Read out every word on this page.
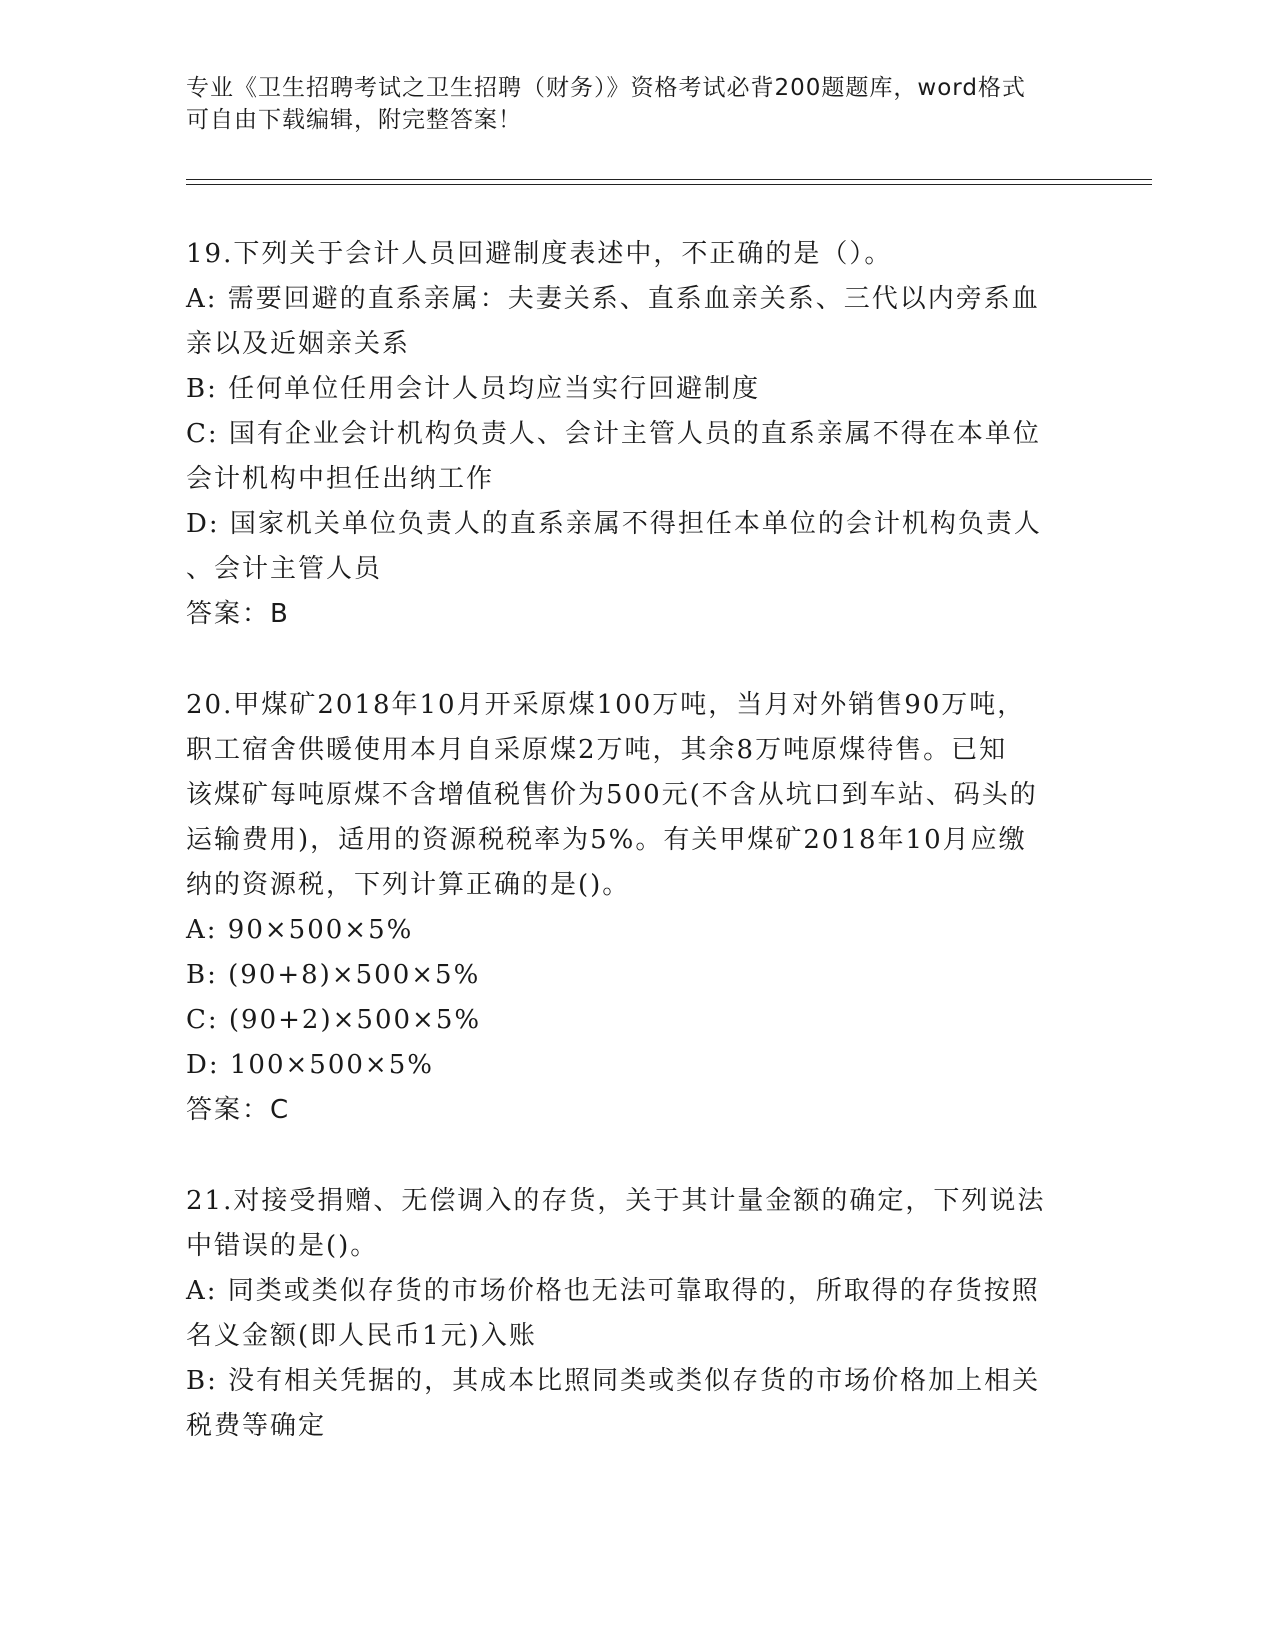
专业《卫生招聘考试之卫生招聘（财务）》资格考试必背200题题库，word格式
可自由下载编辑，附完整答案！
19.下列关于会计人员回避制度表述中，不正确的是（）。
A: 需要回避的直系亲属：夫妻关系、直系血亲关系、三代以内旁系血
亲以及近姻亲关系
B: 任何单位任用会计人员均应当实行回避制度
C: 国有企业会计机构负责人、会计主管人员的直系亲属不得在本单位
会计机构中担任出纳工作
D: 国家机关单位负责人的直系亲属不得担任本单位的会计机构负责人
、会计主管人员
答案：B
20.甲煤矿2018年10月开采原煤100万吨，当月对外销售90万吨，
职工宿舍供暖使用本月自采原煤2万吨，其余8万吨原煤待售。已知
该煤矿每吨原煤不含增值税售价为500元(不含从坑口到车站、码头的
运输费用)，适用的资源税税率为5%。有关甲煤矿2018年10月应缴
纳的资源税，下列计算正确的是()。
A: 90×500×5%
B: (90+8)×500×5%
C: (90+2)×500×5%
D: 100×500×5%
答案：C
21.对接受捐赠、无偿调入的存货，关于其计量金额的确定，下列说法
中错误的是()。
A: 同类或类似存货的市场价格也无法可靠取得的，所取得的存货按照
名义金额(即人民币1元)入账
B: 没有相关凭据的，其成本比照同类或类似存货的市场价格加上相关
税费等确定
